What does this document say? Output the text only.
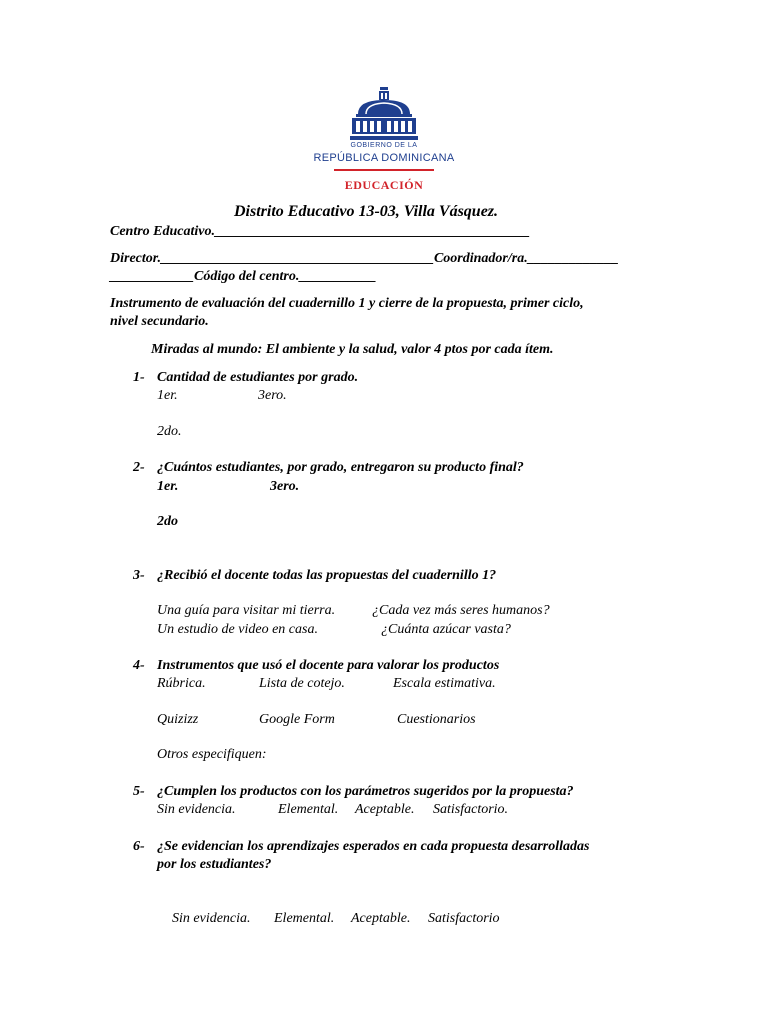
GOBIERNO DE LA
REPÚBLICA DOMINICANA
EDUCACIÓN
Distrito Educativo 13-03, Villa Vásquez.
Centro Educativo._____________________________________________
Director._______________________________________Coordinador/ra._____________
____________Código del centro.___________
Instrumento de evaluación del cuadernillo 1 y cierre de la propuesta, primer ciclo,
nivel secundario.
Miradas al mundo: El ambiente y la salud, valor 4 ptos por cada ítem.
1- Cantidad de estudiantes por grado.
1er.	3ero.
2do.
2- ¿Cuántos estudiantes, por grado, entregaron su producto final?
1er.	3ero.
2do
3- ¿Recibió el docente todas las propuestas del cuadernillo 1?
Una guía para visitar mi tierra.	¿Cada vez más seres humanos?
Un estudio de video en casa.	¿Cuánta azúcar vasta?
4- Instrumentos que usó el docente para valorar los productos
Rúbrica.	Lista de cotejo.	Escala estimativa.
Quizizz	Google Form	Cuestionarios
Otros especifiquen:
5- ¿Cumplen los productos con los parámetros sugeridos por la propuesta?
Sin evidencia.	Elemental. Aceptable. Satisfactorio.
6- ¿Se evidencian los aprendizajes esperados en cada propuesta desarrolladas
por los estudiantes?
Sin evidencia. Elemental. Aceptable. Satisfactorio
